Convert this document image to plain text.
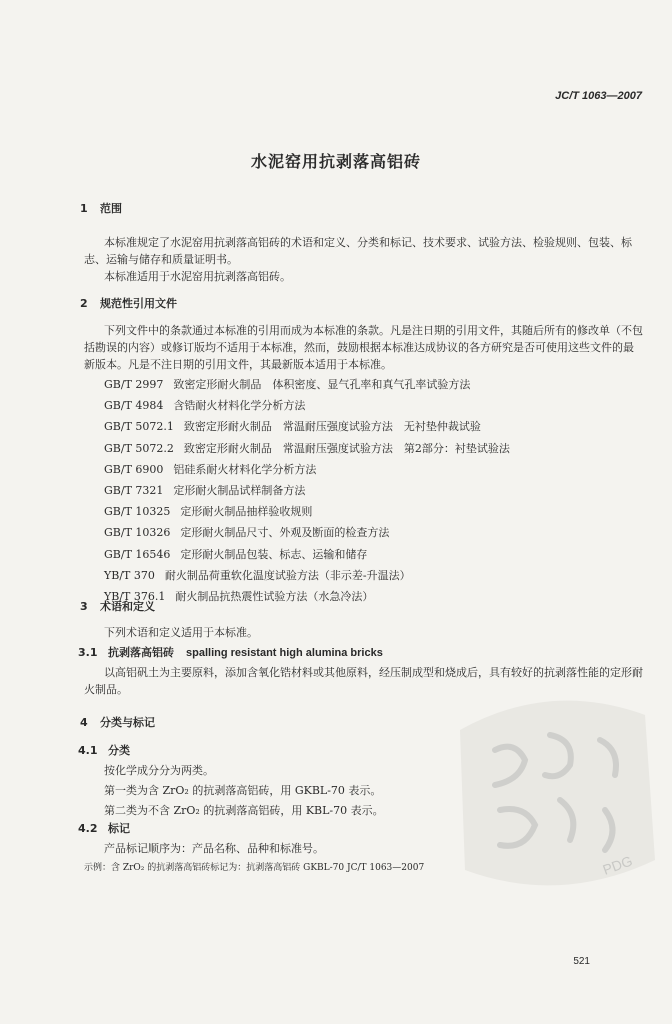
JC/T 1063—2007
水泥窑用抗剥落高铝砖
1 范围
本标准规定了水泥窑用抗剥落高铝砖的术语和定义、分类和标记、技术要求、试验方法、检验规则、包装、标志、运输与储存和质量证明书。
本标准适用于水泥窑用抗剥落高铝砖。
2 规范性引用文件
下列文件中的条款通过本标准的引用而成为本标准的条款。凡是注日期的引用文件，其随后所有的修改单（不包括勘误的内容）或修订版均不适用于本标准，然而，鼓励根据本标准达成协议的各方研究是否可使用这些文件的最新版本。凡是不注日期的引用文件，其最新版本适用于本标准。
GB/T 2997 致密定形耐火制品　体积密度、显气孔率和真气孔率试验方法
GB/T 4984 含锆耐火材料化学分析方法
GB/T 5072.1 致密定形耐火制品　常温耐压强度试验方法　无衬垫仲裁试验
GB/T 5072.2 致密定形耐火制品　常温耐压强度试验方法　第2部分：衬垫试验法
GB/T 6900 铝硅系耐火材料化学分析方法
GB/T 7321 定形耐火制品试样制备方法
GB/T 10325 定形耐火制品抽样验收规则
GB/T 10326 定形耐火制品尺寸、外观及断面的检查方法
GB/T 16546 定形耐火制品包装、标志、运输和储存
YB/T 370 耐火制品荷重软化温度试验方法（非示差-升温法）
YB/T 376.1 耐火制品抗热震性试验方法（水急冷法）
3 术语和定义
下列术语和定义适用于本标准。
3.1 抗剥落高铝砖 spalling resistant high alumina bricks
以高铝矾土为主要原料，添加含氧化锆材料或其他原料，经压制成型和烧成后，具有较好的抗剥落性能的定形耐火制品。
4 分类与标记
4.1 分类
按化学成分分为两类。
第一类为含 ZrO₂ 的抗剥落高铝砖，用 GKBL-70 表示。
第二类为不含 ZrO₂ 的抗剥落高铝砖，用 KBL-70 表示。
4.2 标记
产品标记顺序为：产品名称、品种和标准号。
示例：含 ZrO₂ 的抗剥落高铝砖标记为：抗剥落高铝砖 GKBL-70 JC/T 1063—2007	PDG
521
